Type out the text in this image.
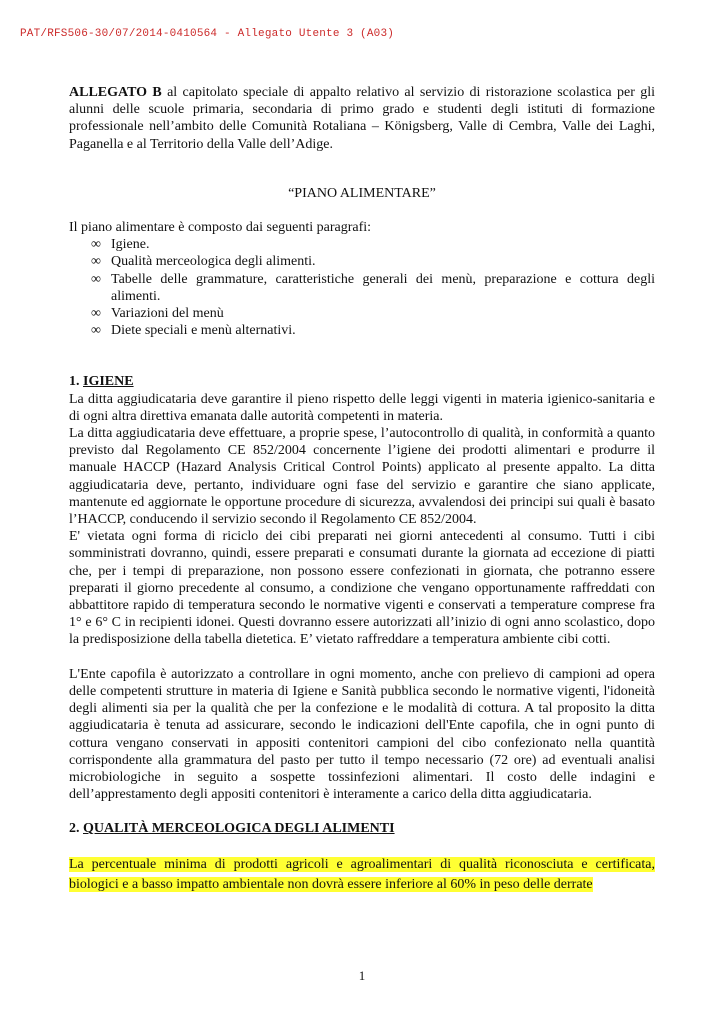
PAT/RFS506-30/07/2014-0410564 - Allegato Utente 3 (A03)

ALLEGATO B al capitolato speciale di appalto relativo al servizio di ristorazione scolastica per gli alunni delle scuole primaria, secondaria di primo grado e studenti degli istituti di formazione professionale nell’ambito delle Comunità Rotaliana – Königsberg, Valle di Cembra, Valle dei Laghi, Paganella e al Territorio della Valle dell’Adige.

“PIANO ALIMENTARE”

Il piano alimentare è composto dai seguenti paragrafi:

∞ Igiene.
∞ Qualità merceologica degli alimenti.
∞ Tabelle delle grammature, caratteristiche generali dei menù, preparazione e cottura degli alimenti.
∞ Variazioni del menù
∞ Diete speciali e menù alternativi.

1. IGIENE

La ditta aggiudicataria deve garantire il pieno rispetto delle leggi vigenti in materia igienico-sanitaria e di ogni altra direttiva emanata dalle autorità competenti in materia.

La ditta aggiudicataria deve effettuare, a proprie spese, l’autocontrollo di qualità, in conformità a quanto previsto dal Regolamento CE 852/2004 concernente l’igiene dei prodotti alimentari e produrre il manuale HACCP (Hazard Analysis Critical Control Points) applicato al presente appalto. La ditta aggiudicataria deve, pertanto, individuare ogni fase del servizio e garantire che siano applicate, mantenute ed aggiornate le opportune procedure di sicurezza, avvalendosi dei principi sui quali è basato l’HACCP, conducendo il servizio secondo il Regolamento CE 852/2004.

E' vietata ogni forma di riciclo dei cibi preparati nei giorni antecedenti al consumo. Tutti i cibi somministrati dovranno, quindi, essere preparati e consumati durante la giornata ad eccezione di piatti che, per i tempi di preparazione, non possono essere confezionati in giornata, che potranno essere preparati il giorno precedente al consumo, a condizione che vengano opportunamente raffreddati con abbattitore rapido di temperatura secondo le normative vigenti e conservati a temperature comprese fra 1° e 6° C in recipienti idonei. Questi dovranno essere autorizzati all’inizio di ogni anno scolastico, dopo la predisposizione della tabella dietetica. E’ vietato raffreddare a temperatura ambiente cibi cotti.

L'Ente capofila è autorizzato a controllare in ogni momento, anche con prelievo di campioni ad opera delle competenti strutture in materia di Igiene e Sanità pubblica secondo le normative vigenti, l'idoneità degli alimenti sia per la qualità che per la confezione e le modalità di cottura. A tal proposito la ditta aggiudicataria è tenuta ad assicurare, secondo le indicazioni dell'Ente capofila, che in ogni punto di cottura vengano conservati in appositi contenitori campioni del cibo confezionato nella quantità corrispondente alla grammatura del pasto per tutto il tempo necessario (72 ore) ad eventuali analisi microbiologiche in seguito a sospette tossinfezioni alimentari. Il costo delle indagini e dell’apprestamento degli appositi contenitori è interamente a carico della ditta aggiudicataria.

2. QUALITÀ MERCEOLOGICA DEGLI ALIMENTI

La percentuale minima di prodotti agricoli e agroalimentari di qualità riconosciuta e certificata, biologici e a basso impatto ambientale non dovrà essere inferiore al 60% in peso delle derrate

1
